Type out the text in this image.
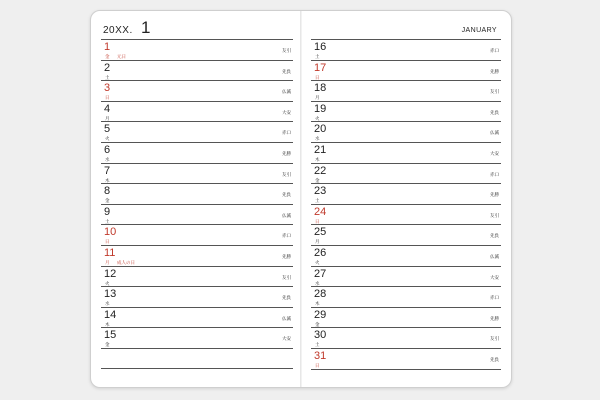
20XX. 1
1
金 元日
友引
2
土
先負
3
日
仏滅
4
月
大安
5
火
赤口
6
水
先勝
7
木
友引
8
金
先負
9
土
仏滅
10
日
赤口
11
月 成人の日
先勝
12
火
友引
13
水
先負
14
木
仏滅
15
金
大安
JANUARY
16
土
赤口
17
日
先勝
18
月
友引
19
火
先負
20
水
仏滅
21
木
大安
22
金
赤口
23
土
先勝
24
日
友引
25
月
先負
26
火
仏滅
27
水
大安
28
木
赤口
29
金
先勝
30
土
友引
31
日
先負
